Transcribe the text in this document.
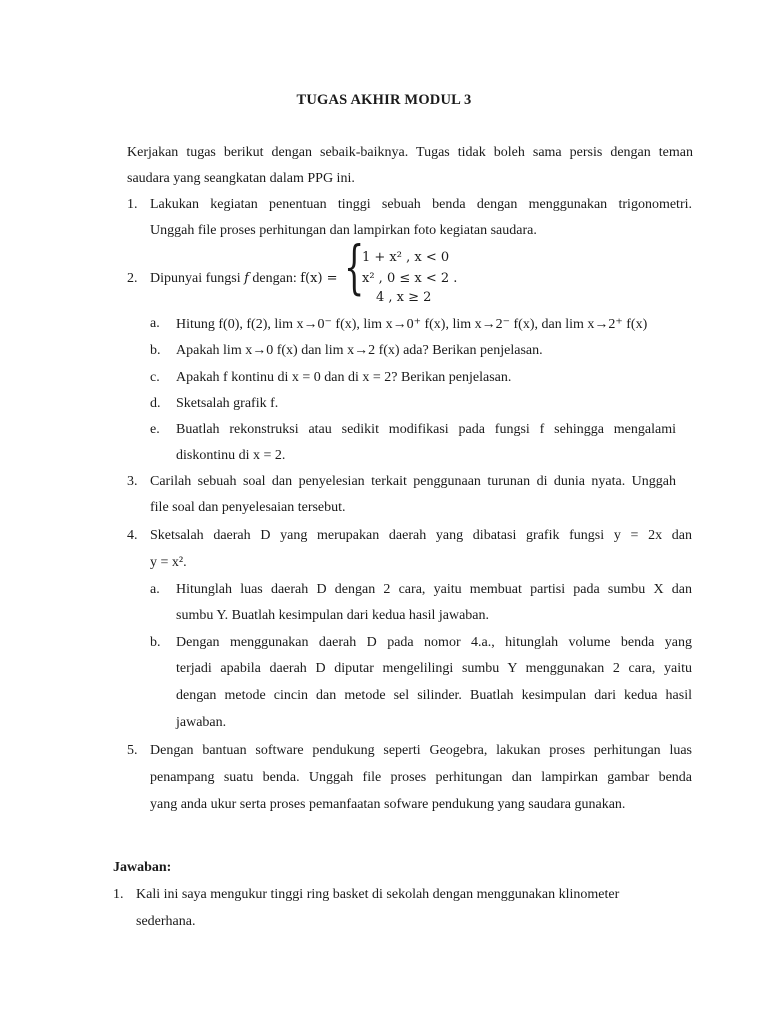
TUGAS AKHIR MODUL 3
Kerjakan tugas berikut dengan sebaik-baiknya. Tugas tidak boleh sama persis dengan teman
saudara yang seangkatan dalam PPG ini.
1. Lakukan kegiatan penentuan tinggi sebuah benda dengan menggunakan trigonometri.
Unggah file proses perhitungan dan lampirkan foto kegiatan saudara.
2. Dipunyai fungsi f dengan: f(x) = {
1 + x² , x < 0
x² , 0 ≤ x < 2 .
4 , x ≥ 2
a. Hitung f(0), f(2), lim x→0⁻ f(x), lim x→0⁺ f(x), lim x→2⁻ f(x), dan lim x→2⁺ f(x)
b. Apakah lim x→0 f(x) dan lim x→2 f(x) ada? Berikan penjelasan.
c. Apakah f kontinu di x = 0 dan di x = 2? Berikan penjelasan.
d. Sketsalah grafik f.
e. Buatlah rekonstruksi atau sedikit modifikasi pada fungsi f sehingga mengalami
diskontinu di x = 2.
3. Carilah sebuah soal dan penyelesian terkait penggunaan turunan di dunia nyata. Unggah
file soal dan penyelesaian tersebut.
4. Sketsalah daerah D yang merupakan daerah yang dibatasi grafik fungsi y = 2x dan
y = x².
a. Hitunglah luas daerah D dengan 2 cara, yaitu membuat partisi pada sumbu X dan
sumbu Y. Buatlah kesimpulan dari kedua hasil jawaban.
b. Dengan menggunakan daerah D pada nomor 4.a., hitunglah volume benda yang
terjadi apabila daerah D diputar mengelilingi sumbu Y menggunakan 2 cara, yaitu
dengan metode cincin dan metode sel silinder. Buatlah kesimpulan dari kedua hasil
jawaban.
5. Dengan bantuan software pendukung seperti Geogebra, lakukan proses perhitungan luas
penampang suatu benda. Unggah file proses perhitungan dan lampirkan gambar benda
yang anda ukur serta proses pemanfaatan sofware pendukung yang saudara gunakan.
Jawaban:
1. Kali ini saya mengukur tinggi ring basket di sekolah dengan menggunakan klinometer
sederhana.
